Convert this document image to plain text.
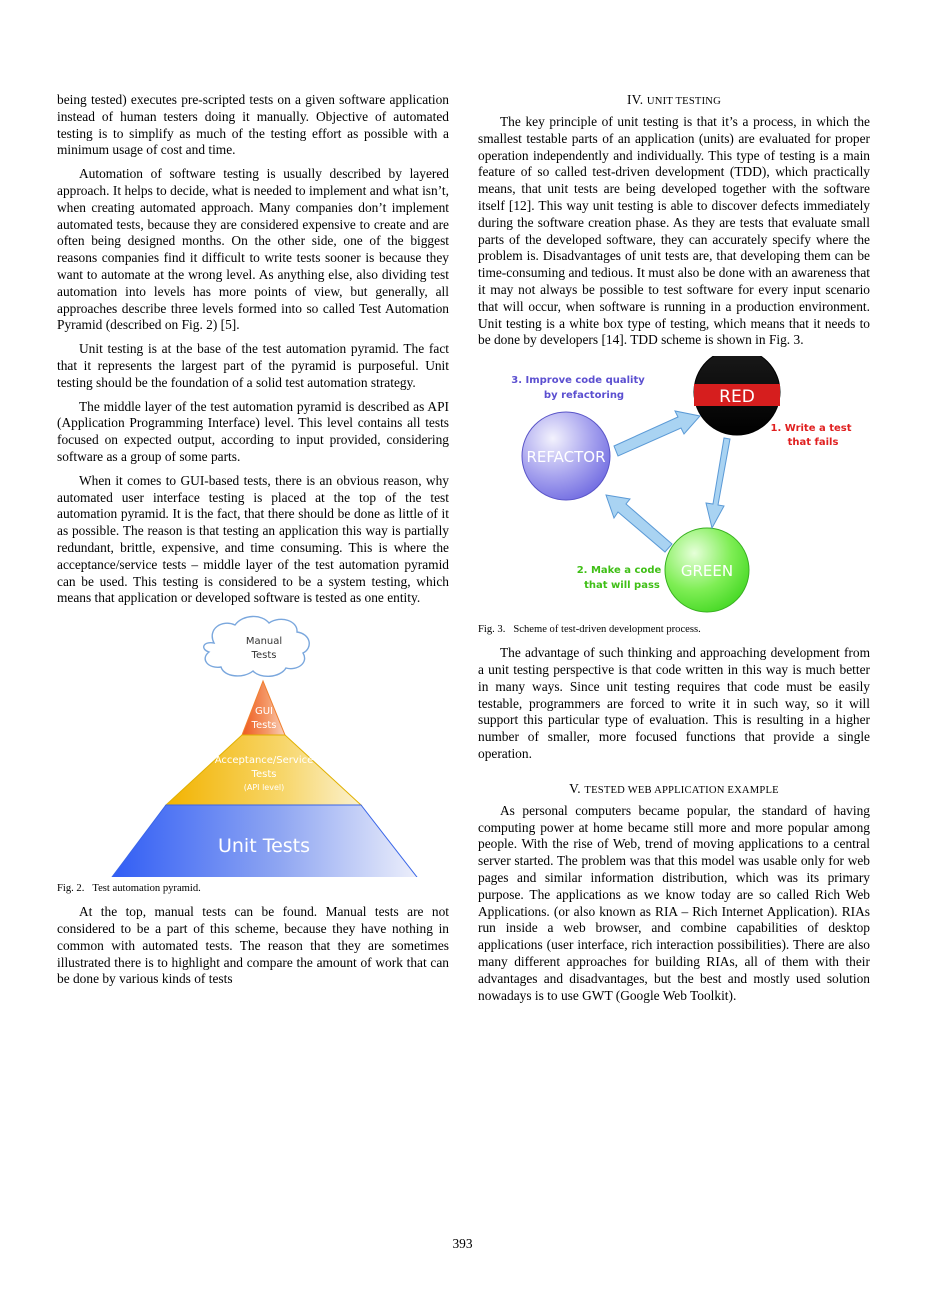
being tested) executes pre-scripted tests on a given software application instead of human testers doing it manually. Objective of automated testing is to simplify as much of the testing effort as possible with a minimum usage of cost and time.

Automation of software testing is usually described by layered approach. It helps to decide, what is needed to implement and what isn’t, when creating automated approach. Many companies don’t implement automated tests, because they are considered expensive to create and are often being designed months. On the other side, one of the biggest reasons companies find it difficult to write tests sooner is because they want to automate at the wrong level. As anything else, also dividing test automation into levels has more points of view, but generally, all approaches describe three levels formed into so called Test Automation Pyramid (described on Fig. 2) [5].

Unit testing is at the base of the test automation pyramid. The fact that it represents the largest part of the pyramid is purposeful. Unit testing should be the foundation of a solid test automation strategy.

The middle layer of the test automation pyramid is described as API (Application Programming Interface) level. This level contains all tests focused on expected output, according to input provided, considering software as a group of some parts.

When it comes to GUI-based tests, there is an obvious reason, why automated user interface testing is placed at the top of the test automation pyramid. It is the fact, that there should be done as little of it as possible. The reason is that testing an application this way is partially redundant, brittle, expensive, and time consuming. This is where the acceptance/service tests – middle layer of the test automation pyramid can be used. This testing is considered to be a system testing, which means that application or developed software is tested as one entity.

Manual
Tests
GUI
Tests
Acceptance/Service
Tests
(API level)
Unit Tests
Fig. 2. Test automation pyramid.

At the top, manual tests can be found. Manual tests are not considered to be a part of this scheme, because they have nothing in common with automated tests. The reason that they are sometimes illustrated there is to highlight and compare the amount of work that can be done by various kinds of tests

IV. UNIT TESTING

The key principle of unit testing is that it’s a process, in which the smallest testable parts of an application (units) are evaluated for proper operation independently and individually. This type of testing is a main feature of so called test-driven development (TDD), which practically means, that unit tests are being developed together with the software itself [12]. This way unit testing is able to discover defects immediately during the software creation phase. As they are tests that evaluate small parts of the developed software, they can accurately specify where the problem is. Disadvantages of unit tests are, that developing them can be time-consuming and tedious. It must also be done with an awareness that it may not always be possible to test software for every input scenario that will occur, when software is running in a production environment. Unit testing is a white box type of testing, which means that it needs to be done by developers [14]. TDD scheme is shown in Fig. 3.

RED
REFACTOR
GREEN
3. Improve code quality
by refactoring
1. Write a test
that fails
2. Make a code
that will pass
Fig. 3. Scheme of test-driven development process.

The advantage of such thinking and approaching development from a unit testing perspective is that code written in this way is much better in many ways. Since unit testing requires that code must be easily testable, programmers are forced to write it in such way, so it will support this particular type of evaluation. This is resulting in a higher number of smaller, more focused functions that provide a single operation.

V. TESTED WEB APPLICATION EXAMPLE

As personal computers became popular, the standard of having computing power at home became still more and more popular among people. With the rise of Web, trend of moving applications to a central server started. The problem was that this model was usable only for web pages and similar information distribution, which was its primary purpose. The applications as we know today are so called Rich Web Applications. (or also known as RIA – Rich Internet Application). RIAs run inside a web browser, and combine capabilities of desktop applications (user interface, rich interaction possibilities). There are also many different approaches for building RIAs, all of them with their advantages and disadvantages, but the best and mostly used solution nowadays is to use GWT (Google Web Toolkit).

393
